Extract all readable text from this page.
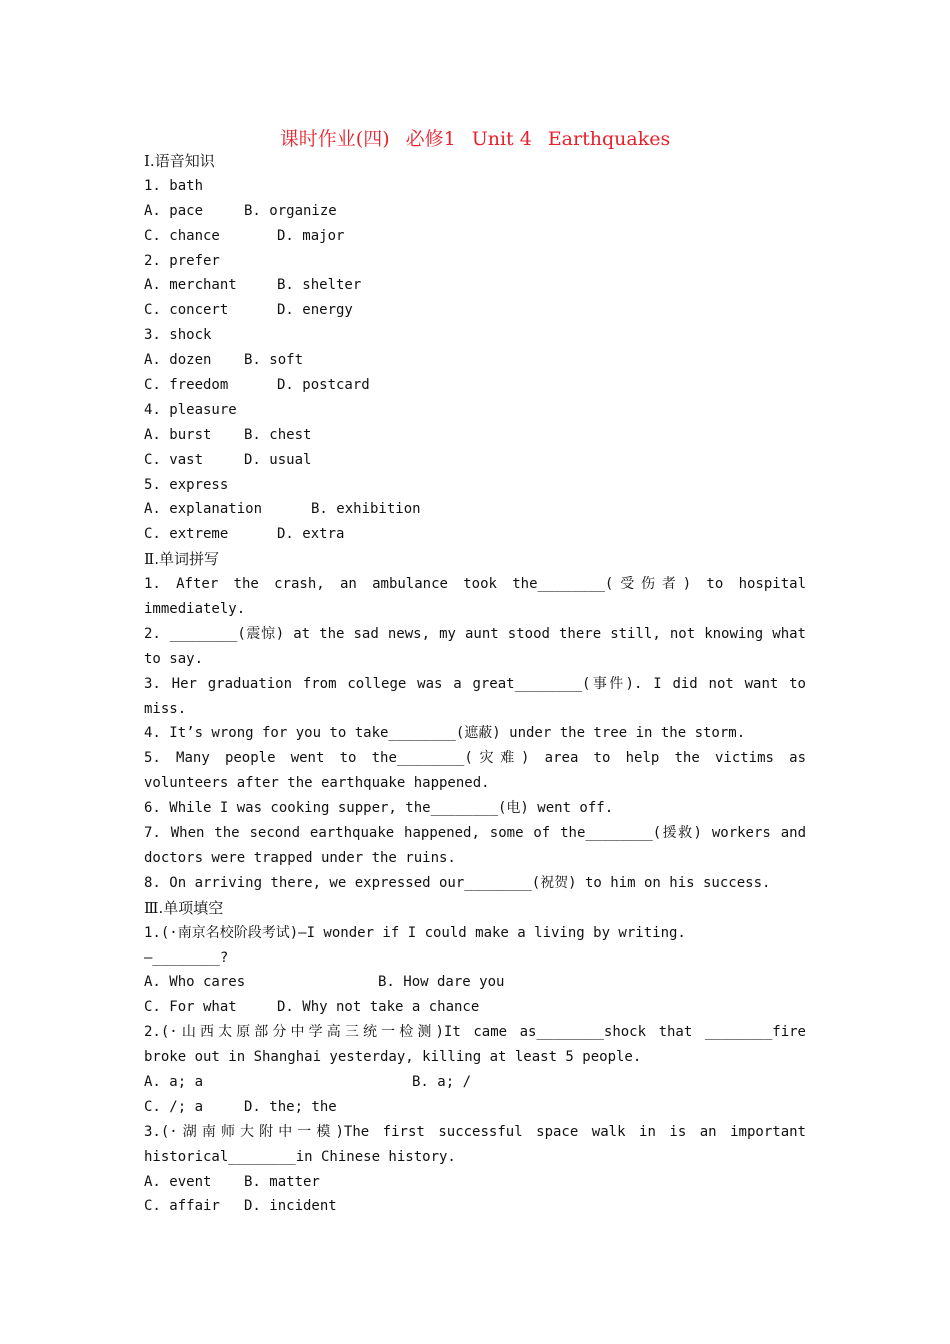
课时作业(四) 必修1 Unit 4 Earthquakes
Ⅰ.语音知识
1. bath
A. pace	B. organize
C. chance	D. major
2. prefer
A. merchant	B. shelter
C. concert	D. energy
3. shock
A. dozen B. soft
C. freedom	D. postcard
4. pleasure
A. burst B. chest
C. vast	D. usual
5. express
A. explanation	B. exhibition
C. extreme	D. extra
Ⅱ.单词拼写
1. After the crash, an ambulance took the________(受伤者) to hospital
immediately.
2. ________(震惊) at the sad news, my aunt stood there still, not knowing what
to say.
3. Her graduation from college was a great________(事件). I did not want to
miss.
4. It’s wrong for you to take________(遮蔽) under the tree in the storm.
5. Many people went to the________(灾难) area to help the victims as
volunteers after the earthquake happened.
6. While I was cooking supper, the________(电) went off.
7. When the second earthquake happened, some of the________(援救) workers and
doctors were trapped under the ruins.
8. On arriving there, we expressed our________(祝贺) to him on his success.
Ⅲ.单项填空
1.(·南京名校阶段考试)—I wonder if I could make a living by writing.
—________?
A. Who cares	B. How dare you
C. For what	D. Why not take a chance
2.(·山西太原部分中学高三统一检测)It came as________shock that ________fire
broke out in Shanghai yesterday, killing at least 5 people.
A. a; a	B. a; /
C. /; a	D. the; the
3.(·湖南师大附中一模)The first successful space walk in is an important
historical________in Chinese history.
A. event B. matter
C. affair D. incident
